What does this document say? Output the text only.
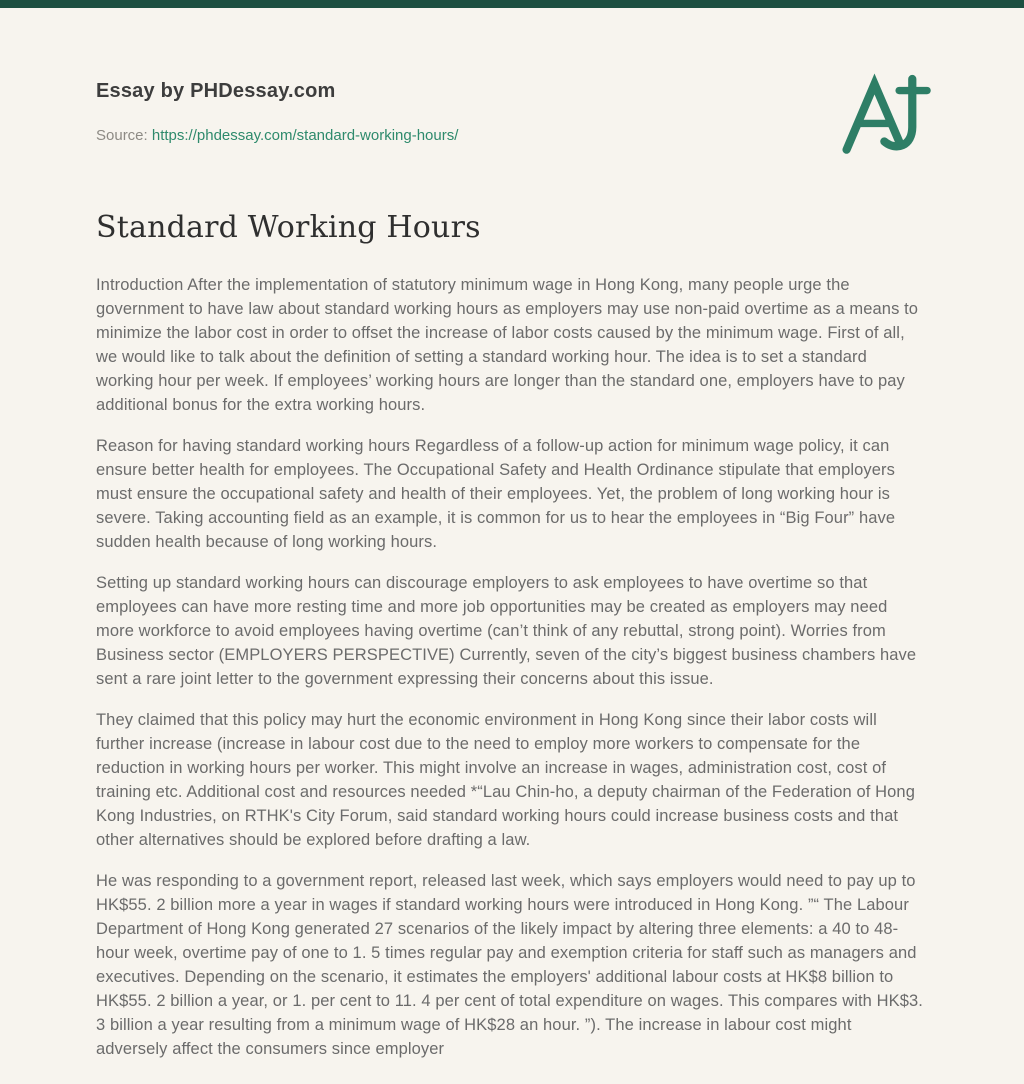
Essay by PHDessay.com
Source: https://phdessay.com/standard-working-hours/
Standard Working Hours

Introduction After the implementation of statutory minimum wage in Hong Kong, many people urge the government to have law about standard working hours as employers may use non-paid overtime as a means to minimize the labor cost in order to offset the increase of labor costs caused by the minimum wage. First of all, we would like to talk about the definition of setting a standard working hour. The idea is to set a standard working hour per week. If employees’ working hours are longer than the standard one, employers have to pay additional bonus for the extra working hours.

Reason for having standard working hours Regardless of a follow-up action for minimum wage policy, it can ensure better health for employees. The Occupational Safety and Health Ordinance stipulate that employers must ensure the occupational safety and health of their employees. Yet, the problem of long working hour is severe. Taking accounting field as an example, it is common for us to hear the employees in “Big Four” have sudden health because of long working hours.

Setting up standard working hours can discourage employers to ask employees to have overtime so that employees can have more resting time and more job opportunities may be created as employers may need more workforce to avoid employees having overtime (can’t think of any rebuttal, strong point). Worries from Business sector (EMPLOYERS PERSPECTIVE) Currently, seven of the city’s biggest business chambers have sent a rare joint letter to the government expressing their concerns about this issue.

They claimed that this policy may hurt the economic environment in Hong Kong since their labor costs will further increase (increase in labour cost due to the need to employ more workers to compensate for the reduction in working hours per worker. This might involve an increase in wages, administration cost, cost of training etc. Additional cost and resources needed *“Lau Chin-ho, a deputy chairman of the Federation of Hong Kong Industries, on RTHK's City Forum, said standard working hours could increase business costs and that other alternatives should be explored before drafting a law.

He was responding to a government report, released last week, which says employers would need to pay up to HK$55. 2 billion more a year in wages if standard working hours were introduced in Hong Kong. ”“ The Labour Department of Hong Kong generated 27 scenarios of the likely impact by altering three elements: a 40 to 48-hour week, overtime pay of one to 1. 5 times regular pay and exemption criteria for staff such as managers and executives. Depending on the scenario, it estimates the employers' additional labour costs at HK$8 billion to HK$55. 2 billion a year, or 1. per cent to 11. 4 per cent of total expenditure on wages. This compares with HK$3. 3 billion a year resulting from a minimum wage of HK$28 an hour. ”). The increase in labour cost might adversely affect the consumers since employer
